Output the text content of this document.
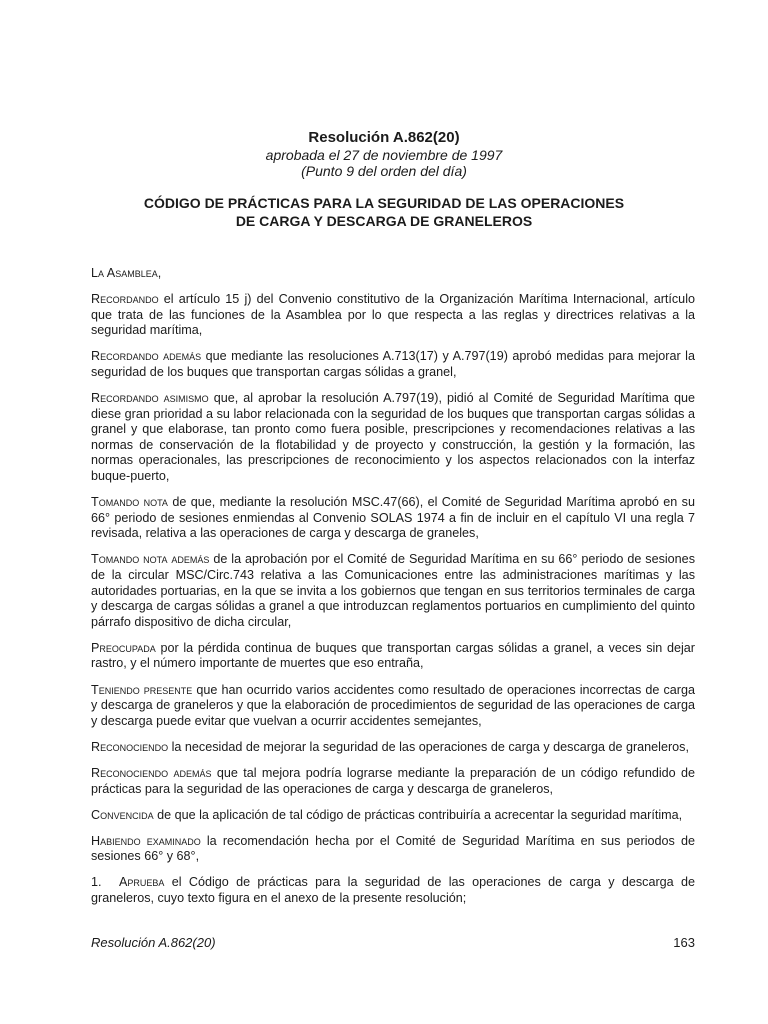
Resolución A.862(20)

aprobada el 27 de noviembre de 1997

(Punto 9 del orden del día)

CÓDIGO DE PRÁCTICAS PARA LA SEGURIDAD DE LAS OPERACIONES
DE CARGA Y DESCARGA DE GRANELEROS

La Asamblea,

Recordando el artículo 15 j) del Convenio constitutivo de la Organización Marítima Internacional, artículo que trata de las funciones de la Asamblea por lo que respecta a las reglas y directrices relativas a la seguridad marítima,

Recordando además que mediante las resoluciones A.713(17) y A.797(19) aprobó medidas para mejorar la seguridad de los buques que transportan cargas sólidas a granel,

Recordando asimismo que, al aprobar la resolución A.797(19), pidió al Comité de Seguridad Marítima que diese gran prioridad a su labor relacionada con la seguridad de los buques que transportan cargas sólidas a granel y que elaborase, tan pronto como fuera posible, prescripciones y recomendaciones relativas a las normas de conservación de la flotabilidad y de proyecto y construcción, la gestión y la formación, las normas operacionales, las prescripciones de reconocimiento y los aspectos relacionados con la interfaz buque-puerto,

Tomando nota de que, mediante la resolución MSC.47(66), el Comité de Seguridad Marítima aprobó en su 66° periodo de sesiones enmiendas al Convenio SOLAS 1974 a fin de incluir en el capítulo VI una regla 7 revisada, relativa a las operaciones de carga y descarga de graneles,

Tomando nota además de la aprobación por el Comité de Seguridad Marítima en su 66° periodo de sesiones de la circular MSC/Circ.743 relativa a las Comunicaciones entre las administraciones marítimas y las autoridades portuarias, en la que se invita a los gobiernos que tengan en sus territorios terminales de carga y descarga de cargas sólidas a granel a que introduzcan reglamentos portuarios en cumplimiento del quinto párrafo dispositivo de dicha circular,

Preocupada por la pérdida continua de buques que transportan cargas sólidas a granel, a veces sin dejar rastro, y el número importante de muertes que eso entraña,

Teniendo presente que han ocurrido varios accidentes como resultado de operaciones incorrectas de carga y descarga de graneleros y que la elaboración de procedimientos de seguridad de las operaciones de carga y descarga puede evitar que vuelvan a ocurrir accidentes semejantes,

Reconociendo la necesidad de mejorar la seguridad de las operaciones de carga y descarga de graneleros,

Reconociendo además que tal mejora podría lograrse mediante la preparación de un código refundido de prácticas para la seguridad de las operaciones de carga y descarga de graneleros,

Convencida de que la aplicación de tal código de prácticas contribuiría a acrecentar la seguridad marítima,

Habiendo examinado la recomendación hecha por el Comité de Seguridad Marítima en sus periodos de sesiones 66° y 68°,

1. Aprueba el Código de prácticas para la seguridad de las operaciones de carga y descarga de graneleros, cuyo texto figura en el anexo de la presente resolución;

Resolución A.862(20)	163
